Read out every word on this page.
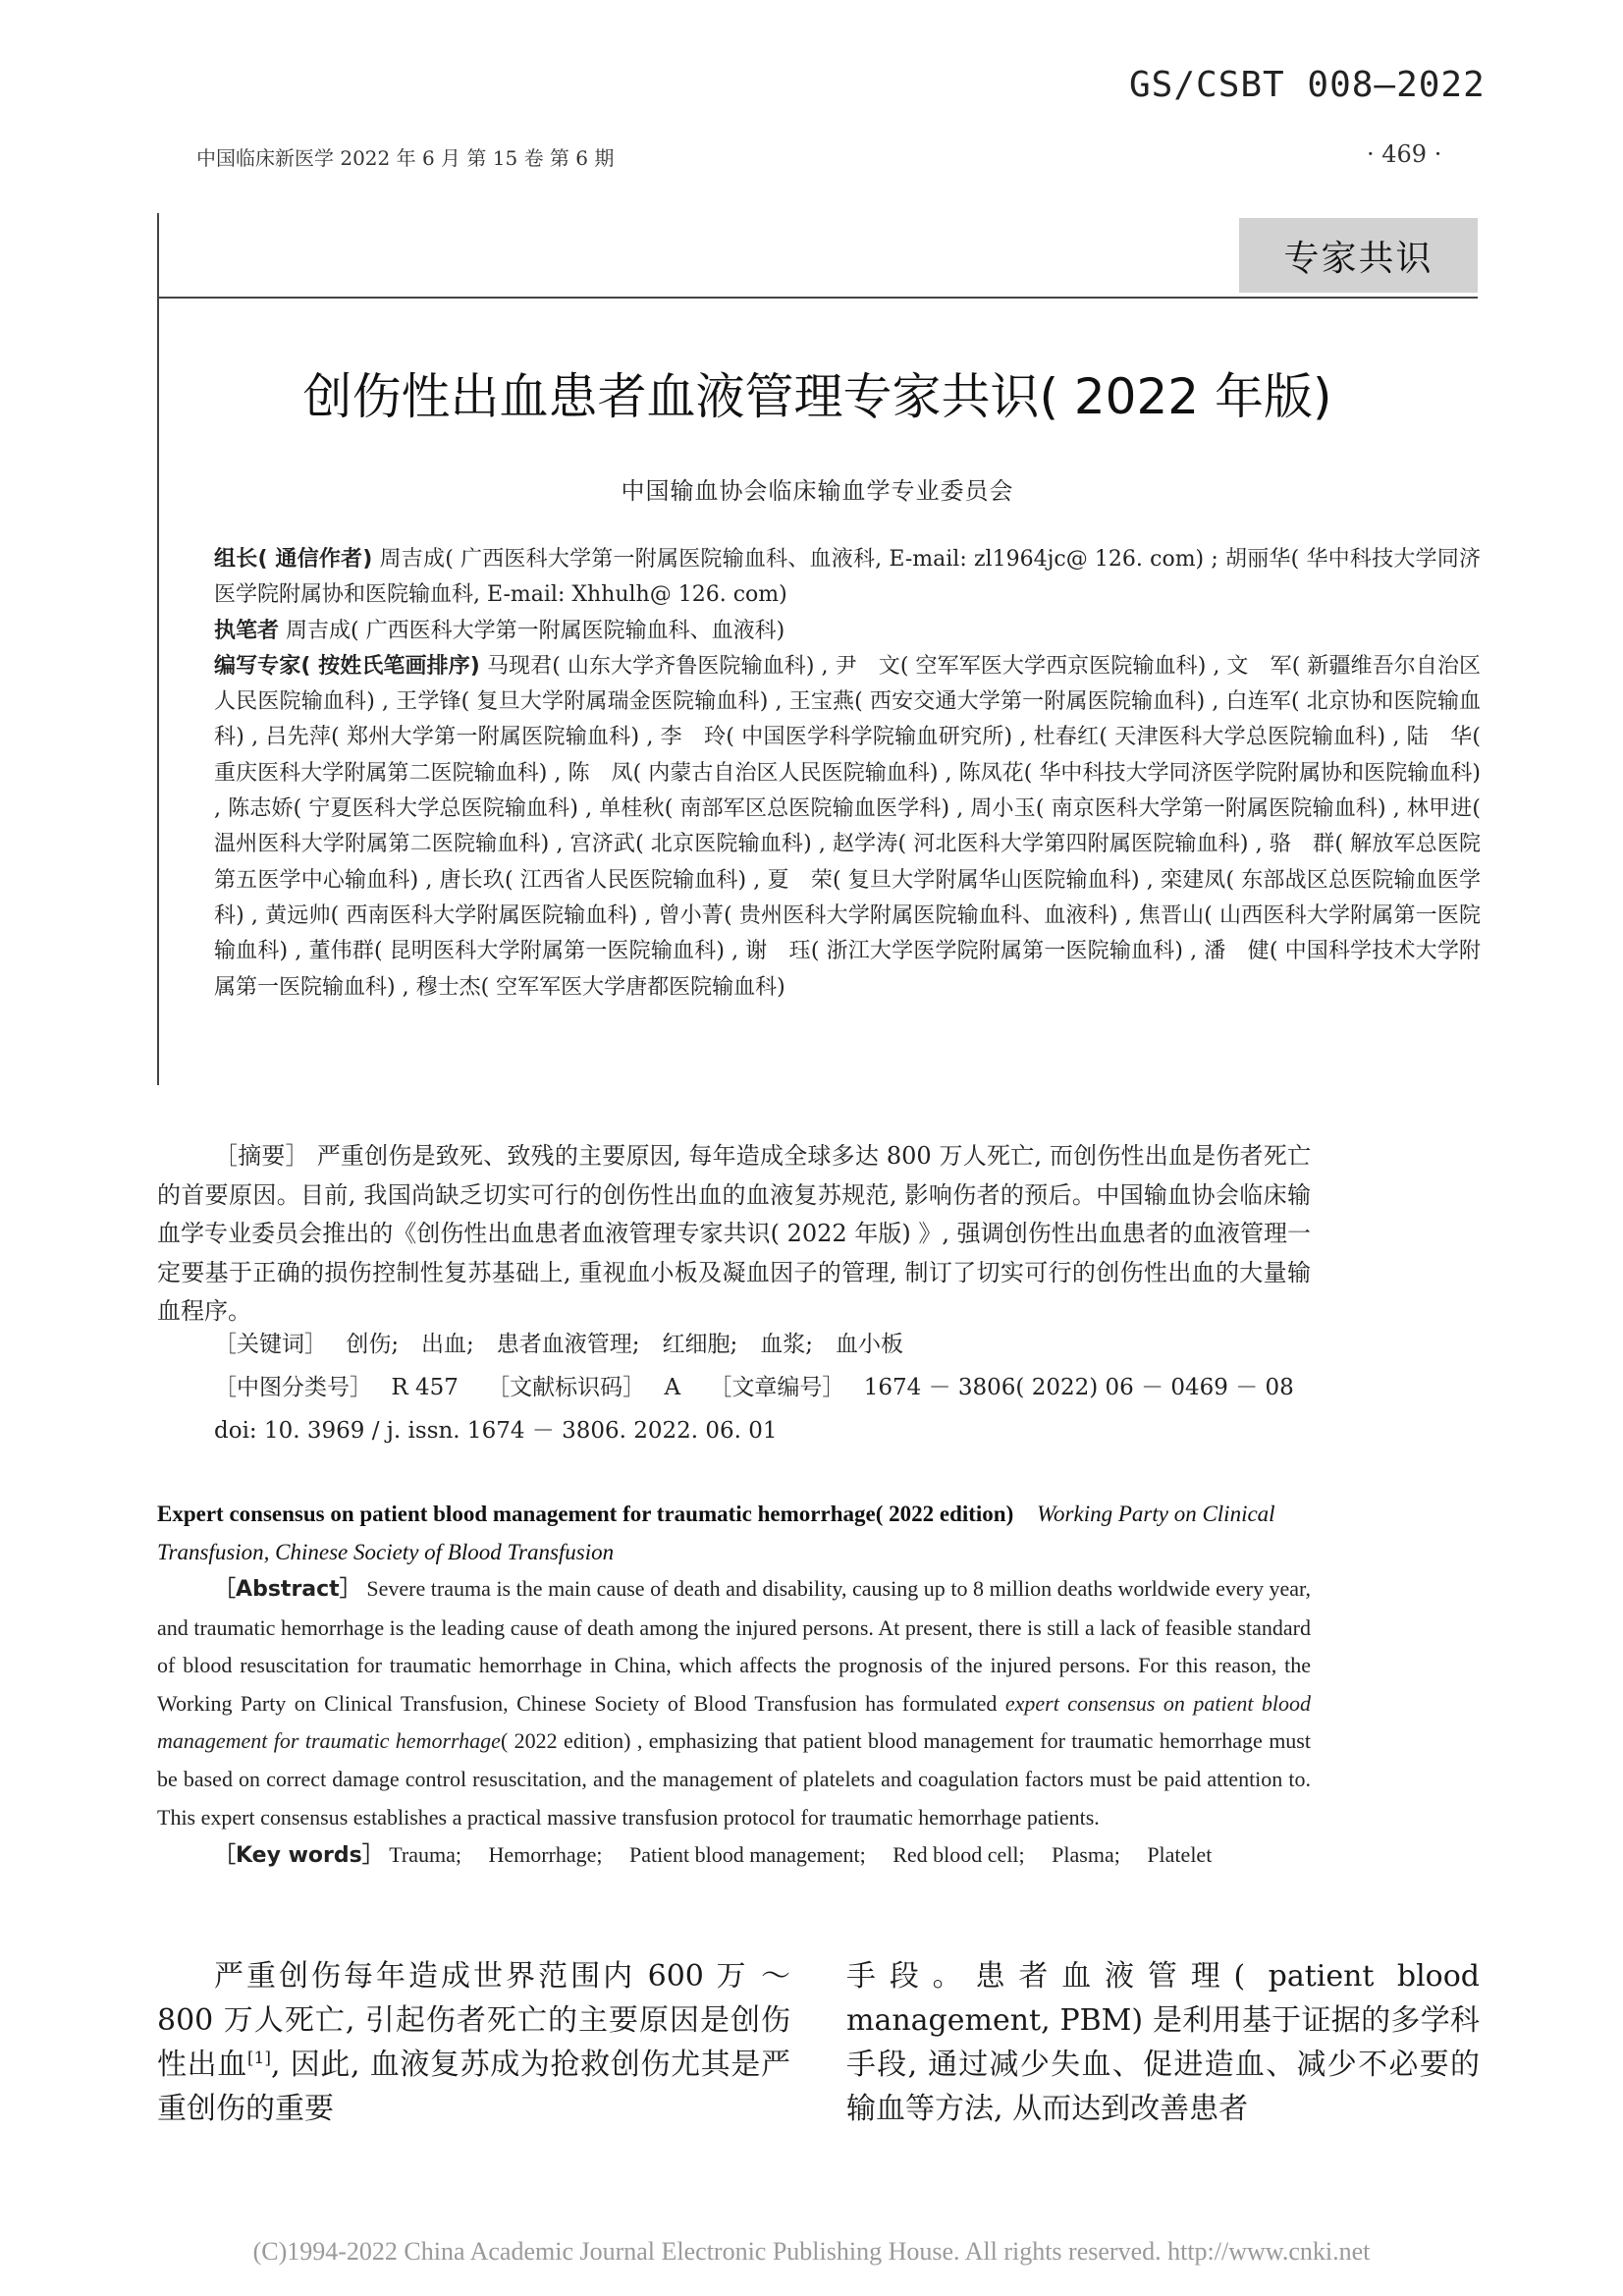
GS/CSBT 008—2022
中国临床新医学 2022 年 6 月 第 15 卷 第 6 期	· 469 ·
专家共识
创伤性出血患者血液管理专家共识( 2022 年版)
中国输血协会临床输血学专业委员会

组长( 通信作者) 周吉成( 广西医科大学第一附属医院输血科、血液科, E-mail: zl1964jc@ 126. com) ; 胡丽华( 华中科技大学同济医学院附属协和医院输血科, E-mail: Xhhulh@ 126. com)

执笔者 周吉成( 广西医科大学第一附属医院输血科、血液科)

编写专家( 按姓氏笔画排序) 马现君( 山东大学齐鲁医院输血科) , 尹　文( 空军军医大学西京医院输血科) , 文　军( 新疆维吾尔自治区人民医院输血科) , 王学锋( 复旦大学附属瑞金医院输血科) , 王宝燕( 西安交通大学第一附属医院输血科) , 白连军( 北京协和医院输血科) , 吕先萍( 郑州大学第一附属医院输血科) , 李　玲( 中国医学科学院输血研究所) , 杜春红( 天津医科大学总医院输血科) , 陆　华( 重庆医科大学附属第二医院输血科) , 陈　凤( 内蒙古自治区人民医院输血科) , 陈凤花( 华中科技大学同济医学院附属协和医院输血科) , 陈志娇( 宁夏医科大学总医院输血科) , 单桂秋( 南部军区总医院输血医学科) , 周小玉( 南京医科大学第一附属医院输血科) , 林甲进( 温州医科大学附属第二医院输血科) , 宫济武( 北京医院输血科) , 赵学涛( 河北医科大学第四附属医院输血科) , 骆　群( 解放军总医院第五医学中心输血科) , 唐长玖( 江西省人民医院输血科) , 夏　荣( 复旦大学附属华山医院输血科) , 栾建凤( 东部战区总医院输血医学科) , 黄远帅( 西南医科大学附属医院输血科) , 曾小菁( 贵州医科大学附属医院输血科、血液科) , 焦晋山( 山西医科大学附属第一医院输血科) , 董伟群( 昆明医科大学附属第一医院输血科) , 谢　珏( 浙江大学医学院附属第一医院输血科) , 潘　健( 中国科学技术大学附属第一医院输血科) , 穆士杰( 空军军医大学唐都医院输血科)

［摘要］ 严重创伤是致死、致残的主要原因, 每年造成全球多达 800 万人死亡, 而创伤性出血是伤者死亡的首要原因。目前, 我国尚缺乏切实可行的创伤性出血的血液复苏规范, 影响伤者的预后。中国输血协会临床输血学专业委员会推出的《创伤性出血患者血液管理专家共识( 2022 年版) 》, 强调创伤性出血患者的血液管理一定要基于正确的损伤控制性复苏基础上, 重视血小板及凝血因子的管理, 制订了切实可行的创伤性出血的大量输血程序。

［关键词］ 创伤;　出血;　患者血液管理;　红细胞;　血浆;　血小板
［中图分类号］ R 457 ［文献标识码］ A ［文章编号］ 1674 － 3806( 2022) 06 － 0469 － 08
doi: 10. 3969 / j. issn. 1674 － 3806. 2022. 06. 01
Expert consensus on patient blood management for traumatic hemorrhage( 2022 edition) Working Party on Clinical Transfusion, Chinese Society of Blood Transfusion

［Abstract］ Severe trauma is the main cause of death and disability, causing up to 8 million deaths worldwide every year, and traumatic hemorrhage is the leading cause of death among the injured persons. At present, there is still a lack of feasible standard of blood resuscitation for traumatic hemorrhage in China, which affects the prognosis of the injured persons. For this reason, the Working Party on Clinical Transfusion, Chinese Society of Blood Transfusion has formulated expert consensus on patient blood management for traumatic hemorrhage( 2022 edition) , emphasizing that patient blood management for traumatic hemorrhage must be based on correct damage control resuscitation, and the management of platelets and coagulation factors must be paid attention to. This expert consensus establishes a practical massive transfusion protocol for traumatic hemorrhage patients.

［Key words］ Trauma;　 Hemorrhage;　 Patient blood management;　 Red blood cell;　 Plasma;　 Platelet

严重创伤每年造成世界范围内 600 万 ～800 万人死亡, 引起伤者死亡的主要原因是创伤性出血[1], 因此, 血液复苏成为抢救创伤尤其是严重创伤的重要

手段。患者血液管理( patient blood management, PBM) 是利用基于证据的多学科手段, 通过减少失血、促进造血、减少不必要的输血等方法, 从而达到改善患者

(C)1994-2022 China Academic Journal Electronic Publishing House. All rights reserved. http://www.cnki.net
